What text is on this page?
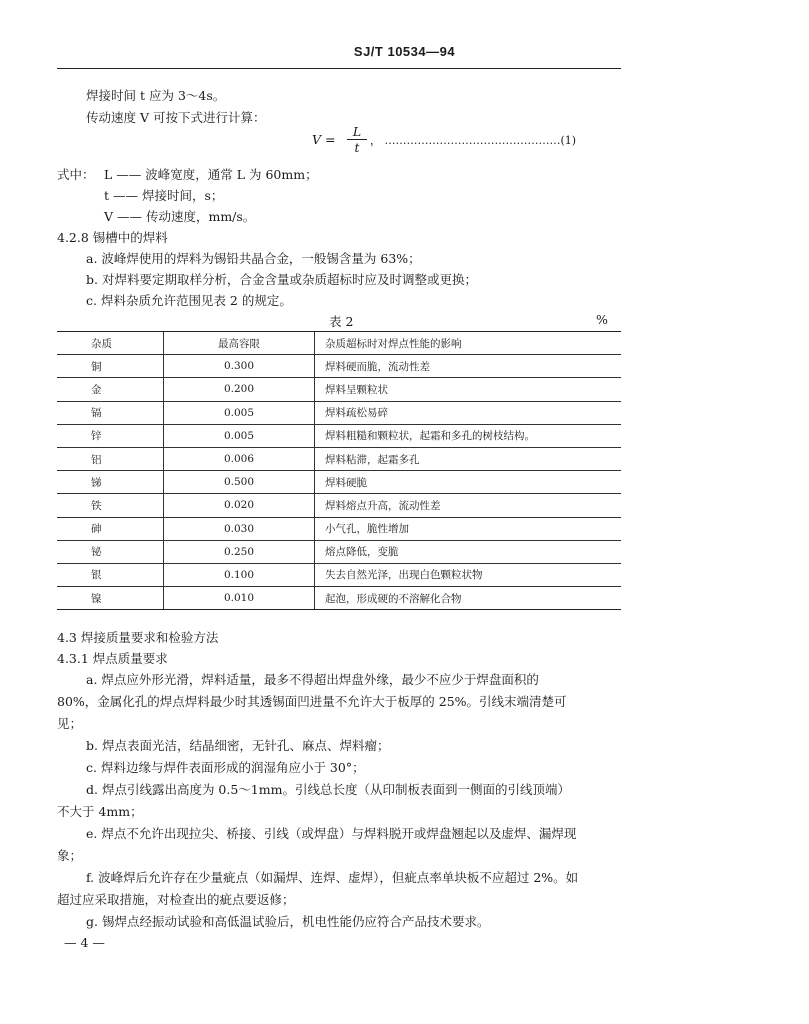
SJ/T 10534—94
焊接时间 t 应为 3～4s。
传动速度 V 可按下式进行计算：
$V = \frac{L}{t}$ ， …………………………………………(1)
式中： L —— 波峰宽度，通常 L 为 60mm；
t —— 焊接时间，s；
V —— 传动速度，mm/s。
4.2.8 锡槽中的焊料
a. 波峰焊使用的焊料为锡铅共晶合金，一般锡含量为 63%；
b. 对焊料要定期取样分析，合金含量或杂质超标时应及时调整或更换；
c. 焊料杂质允许范围见表 2 的规定。
表 2	%
杂质	最高容限	杂质超标时对焊点性能的影响
铜	0.300	焊料硬而脆，流动性差
金	0.200	焊料呈颗粒状
镉	0.005	焊料疏松易碎
锌	0.005	焊料粗糙和颗粒状，起霜和多孔的树枝结构。
铝	0.006	焊料粘滞，起霜多孔
锑	0.500	焊料硬脆
铁	0.020	焊料熔点升高，流动性差
砷	0.030	小气孔，脆性增加
铋	0.250	熔点降低，变脆
银	0.100	失去自然光泽，出现白色颗粒状物
镍	0.010	起泡，形成硬的不溶解化合物
4.3 焊接质量要求和检验方法
4.3.1 焊点质量要求
a. 焊点应外形光滑，焊料适量，最多不得超出焊盘外缘，最少不应少于焊盘面积的
80%，金属化孔的焊点焊料最少时其透锡面凹进量不允许大于板厚的 25%。引线末端清楚可
见；
b. 焊点表面光洁，结晶细密，无针孔、麻点、焊料瘤；
c. 焊料边缘与焊件表面形成的润湿角应小于 30°；
d. 焊点引线露出高度为 0.5～1mm。引线总长度（从印制板表面到一侧面的引线顶端）
不大于 4mm；
e. 焊点不允许出现拉尖、桥接、引线（或焊盘）与焊料脱开或焊盘翘起以及虚焊、漏焊现
象；
f. 波峰焊后允许存在少量疵点（如漏焊、连焊、虚焊），但疵点率单块板不应超过 2%。如
超过应采取措施，对检查出的疵点要返修；
g. 锡焊点经振动试验和高低温试验后，机电性能仍应符合产品技术要求。
— 4 —
